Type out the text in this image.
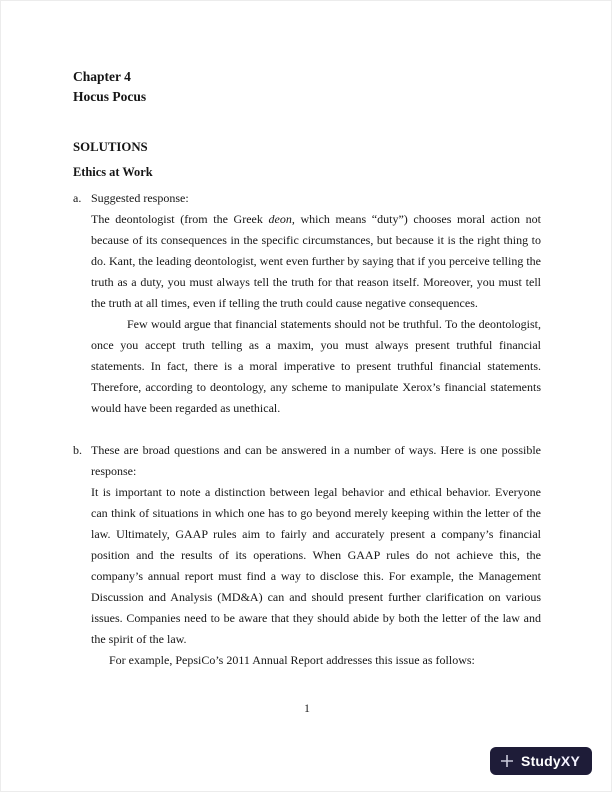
Chapter 4
Hocus Pocus
SOLUTIONS
Ethics at Work
a. Suggested response:

The deontologist (from the Greek deon, which means “duty”) chooses moral action not because of its consequences in the specific circumstances, but because it is the right thing to do. Kant, the leading deontologist, went even further by saying that if you perceive telling the truth as a duty, you must always tell the truth for that reason itself. Moreover, you must tell the truth at all times, even if telling the truth could cause negative consequences.

Few would argue that financial statements should not be truthful. To the deontologist, once you accept truth telling as a maxim, you must always present truthful financial statements. In fact, there is a moral imperative to present truthful financial statements. Therefore, according to deontology, any scheme to manipulate Xerox’s financial statements would have been regarded as unethical.

b. These are broad questions and can be answered in a number of ways. Here is one possible response:

It is important to note a distinction between legal behavior and ethical behavior. Everyone can think of situations in which one has to go beyond merely keeping within the letter of the law. Ultimately, GAAP rules aim to fairly and accurately present a company’s financial position and the results of its operations. When GAAP rules do not achieve this, the company’s annual report must find a way to disclose this. For example, the Management Discussion and Analysis (MD&A) can and should present further clarification on various issues. Companies need to be aware that they should abide by both the letter of the law and the spirit of the law.

For example, PepsiCo’s 2011 Annual Report addresses this issue as follows:

1
StudyXY
